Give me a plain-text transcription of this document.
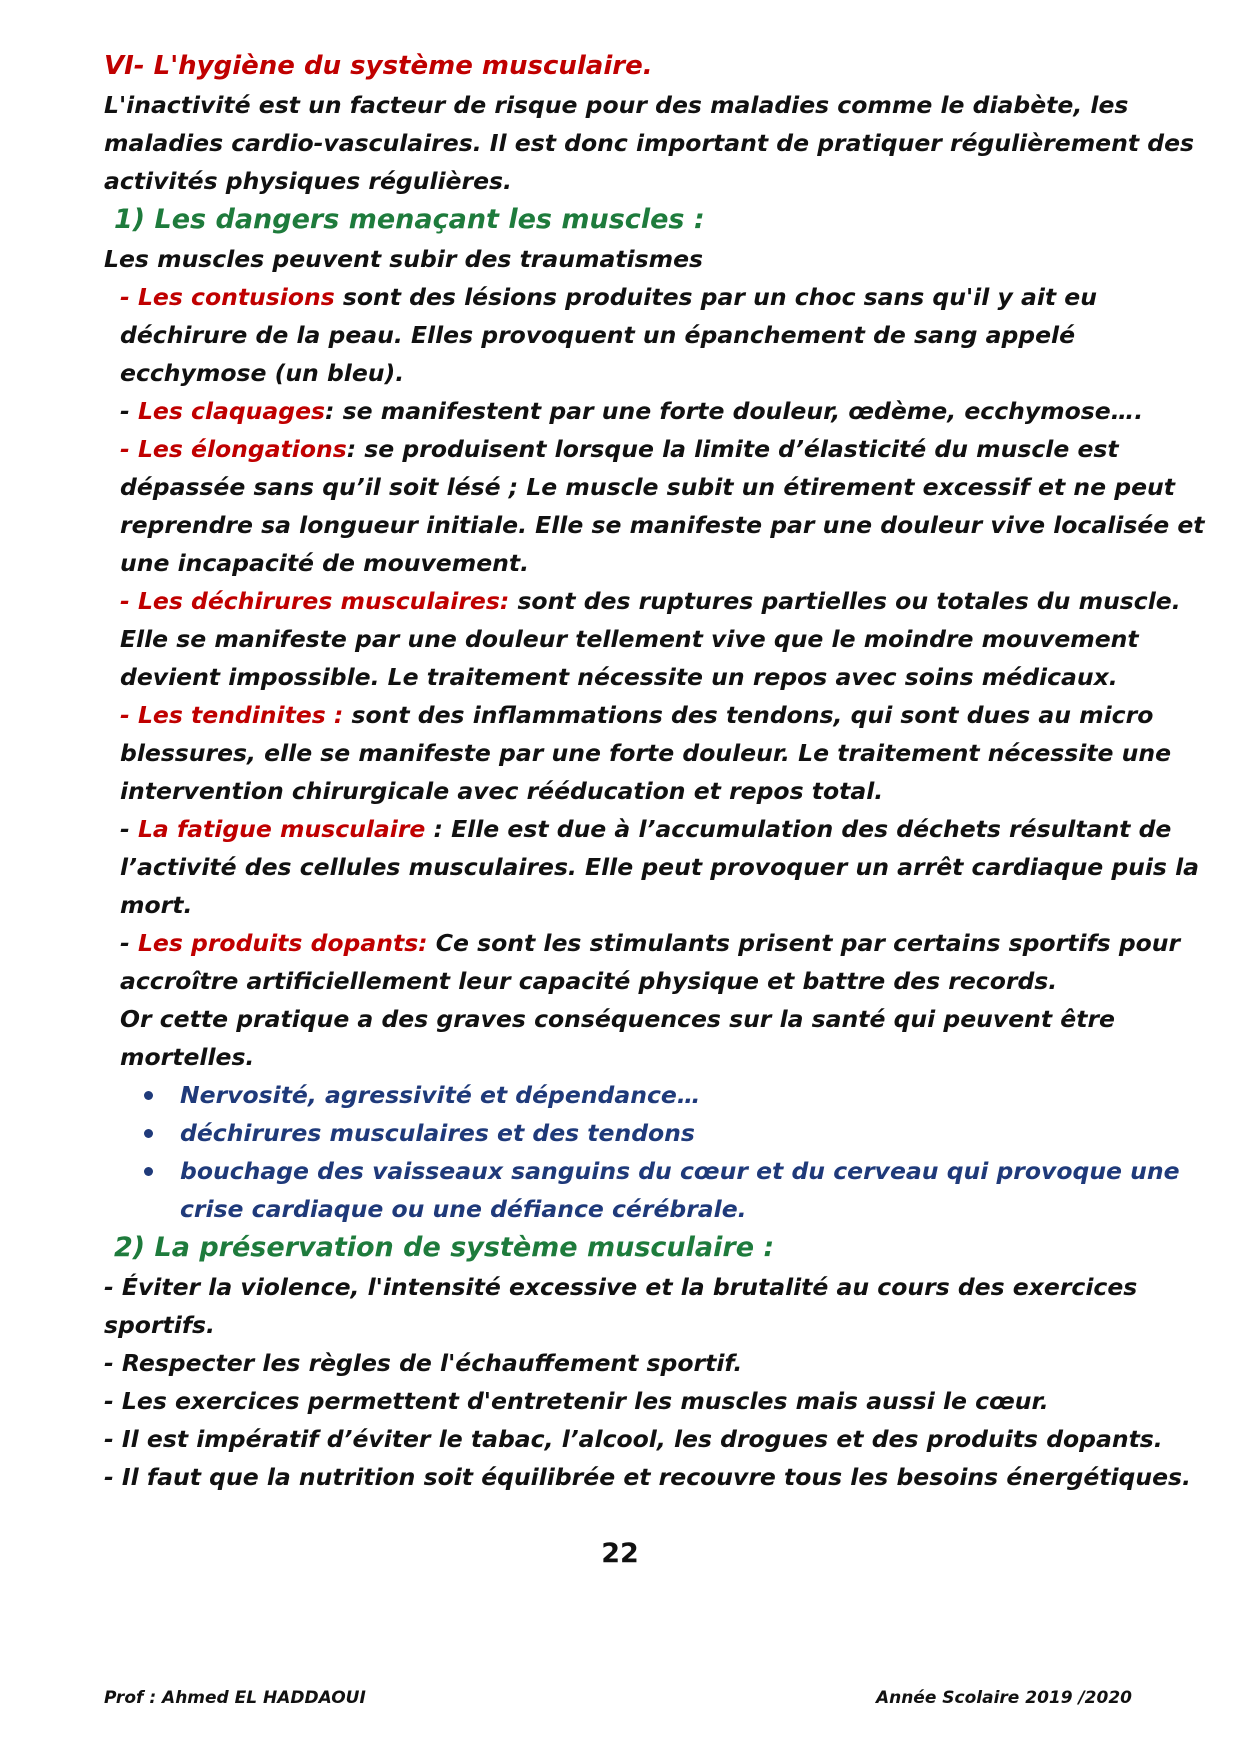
VI- L'hygiène du système musculaire.

L'inactivité est un facteur de risque pour des maladies comme le diabète, les maladies cardio-vasculaires. Il est donc important de pratiquer régulièrement des activités physiques régulières.

1) Les dangers menaçant les muscles :

Les muscles peuvent subir des traumatismes

- Les contusions sont des lésions produites par un choc sans qu'il y ait eu déchirure de la peau. Elles provoquent un épanchement de sang appelé ecchymose (un bleu).

- Les claquages: se manifestent par une forte douleur, œdème, ecchymose….

- Les élongations: se produisent lorsque la limite d’élasticité du muscle est dépassée sans qu’il soit lésé ; Le muscle subit un étirement excessif et ne peut reprendre sa longueur initiale. Elle se manifeste par une douleur vive localisée et une incapacité de mouvement.

- Les déchirures musculaires: sont des ruptures partielles ou totales du muscle. Elle se manifeste par une douleur tellement vive que le moindre mouvement devient impossible. Le traitement nécessite un repos avec soins médicaux.

- Les tendinites : sont des inflammations des tendons, qui sont dues au micro blessures, elle se manifeste par une forte douleur. Le traitement nécessite une intervention chirurgicale avec rééducation et repos total.

- La fatigue musculaire : Elle est due à l’accumulation des déchets résultant de l’activité des cellules musculaires. Elle peut provoquer un arrêt cardiaque puis la mort.

- Les produits dopants: Ce sont les stimulants prisent par certains sportifs pour accroître artificiellement leur capacité physique et battre des records.

Or cette pratique a des graves conséquences sur la santé qui peuvent être mortelles.

Nervosité, agressivité et dépendance…
déchirures musculaires et des tendons
bouchage des vaisseaux sanguins du cœur et du cerveau qui provoque une crise cardiaque ou une défiance cérébrale.

2) La préservation de système musculaire :

- Éviter la violence, l'intensité excessive et la brutalité au cours des exercices sportifs.

- Respecter les règles de l'échauffement sportif.

- Les exercices permettent d'entretenir les muscles mais aussi le cœur.

- Il est impératif d’éviter le tabac, l’alcool, les drogues et des produits dopants.

- Il faut que la nutrition soit équilibrée et recouvre tous les besoins énergétiques.

22
Prof : Ahmed EL HADDAOUI	Année Scolaire 2019 /2020
